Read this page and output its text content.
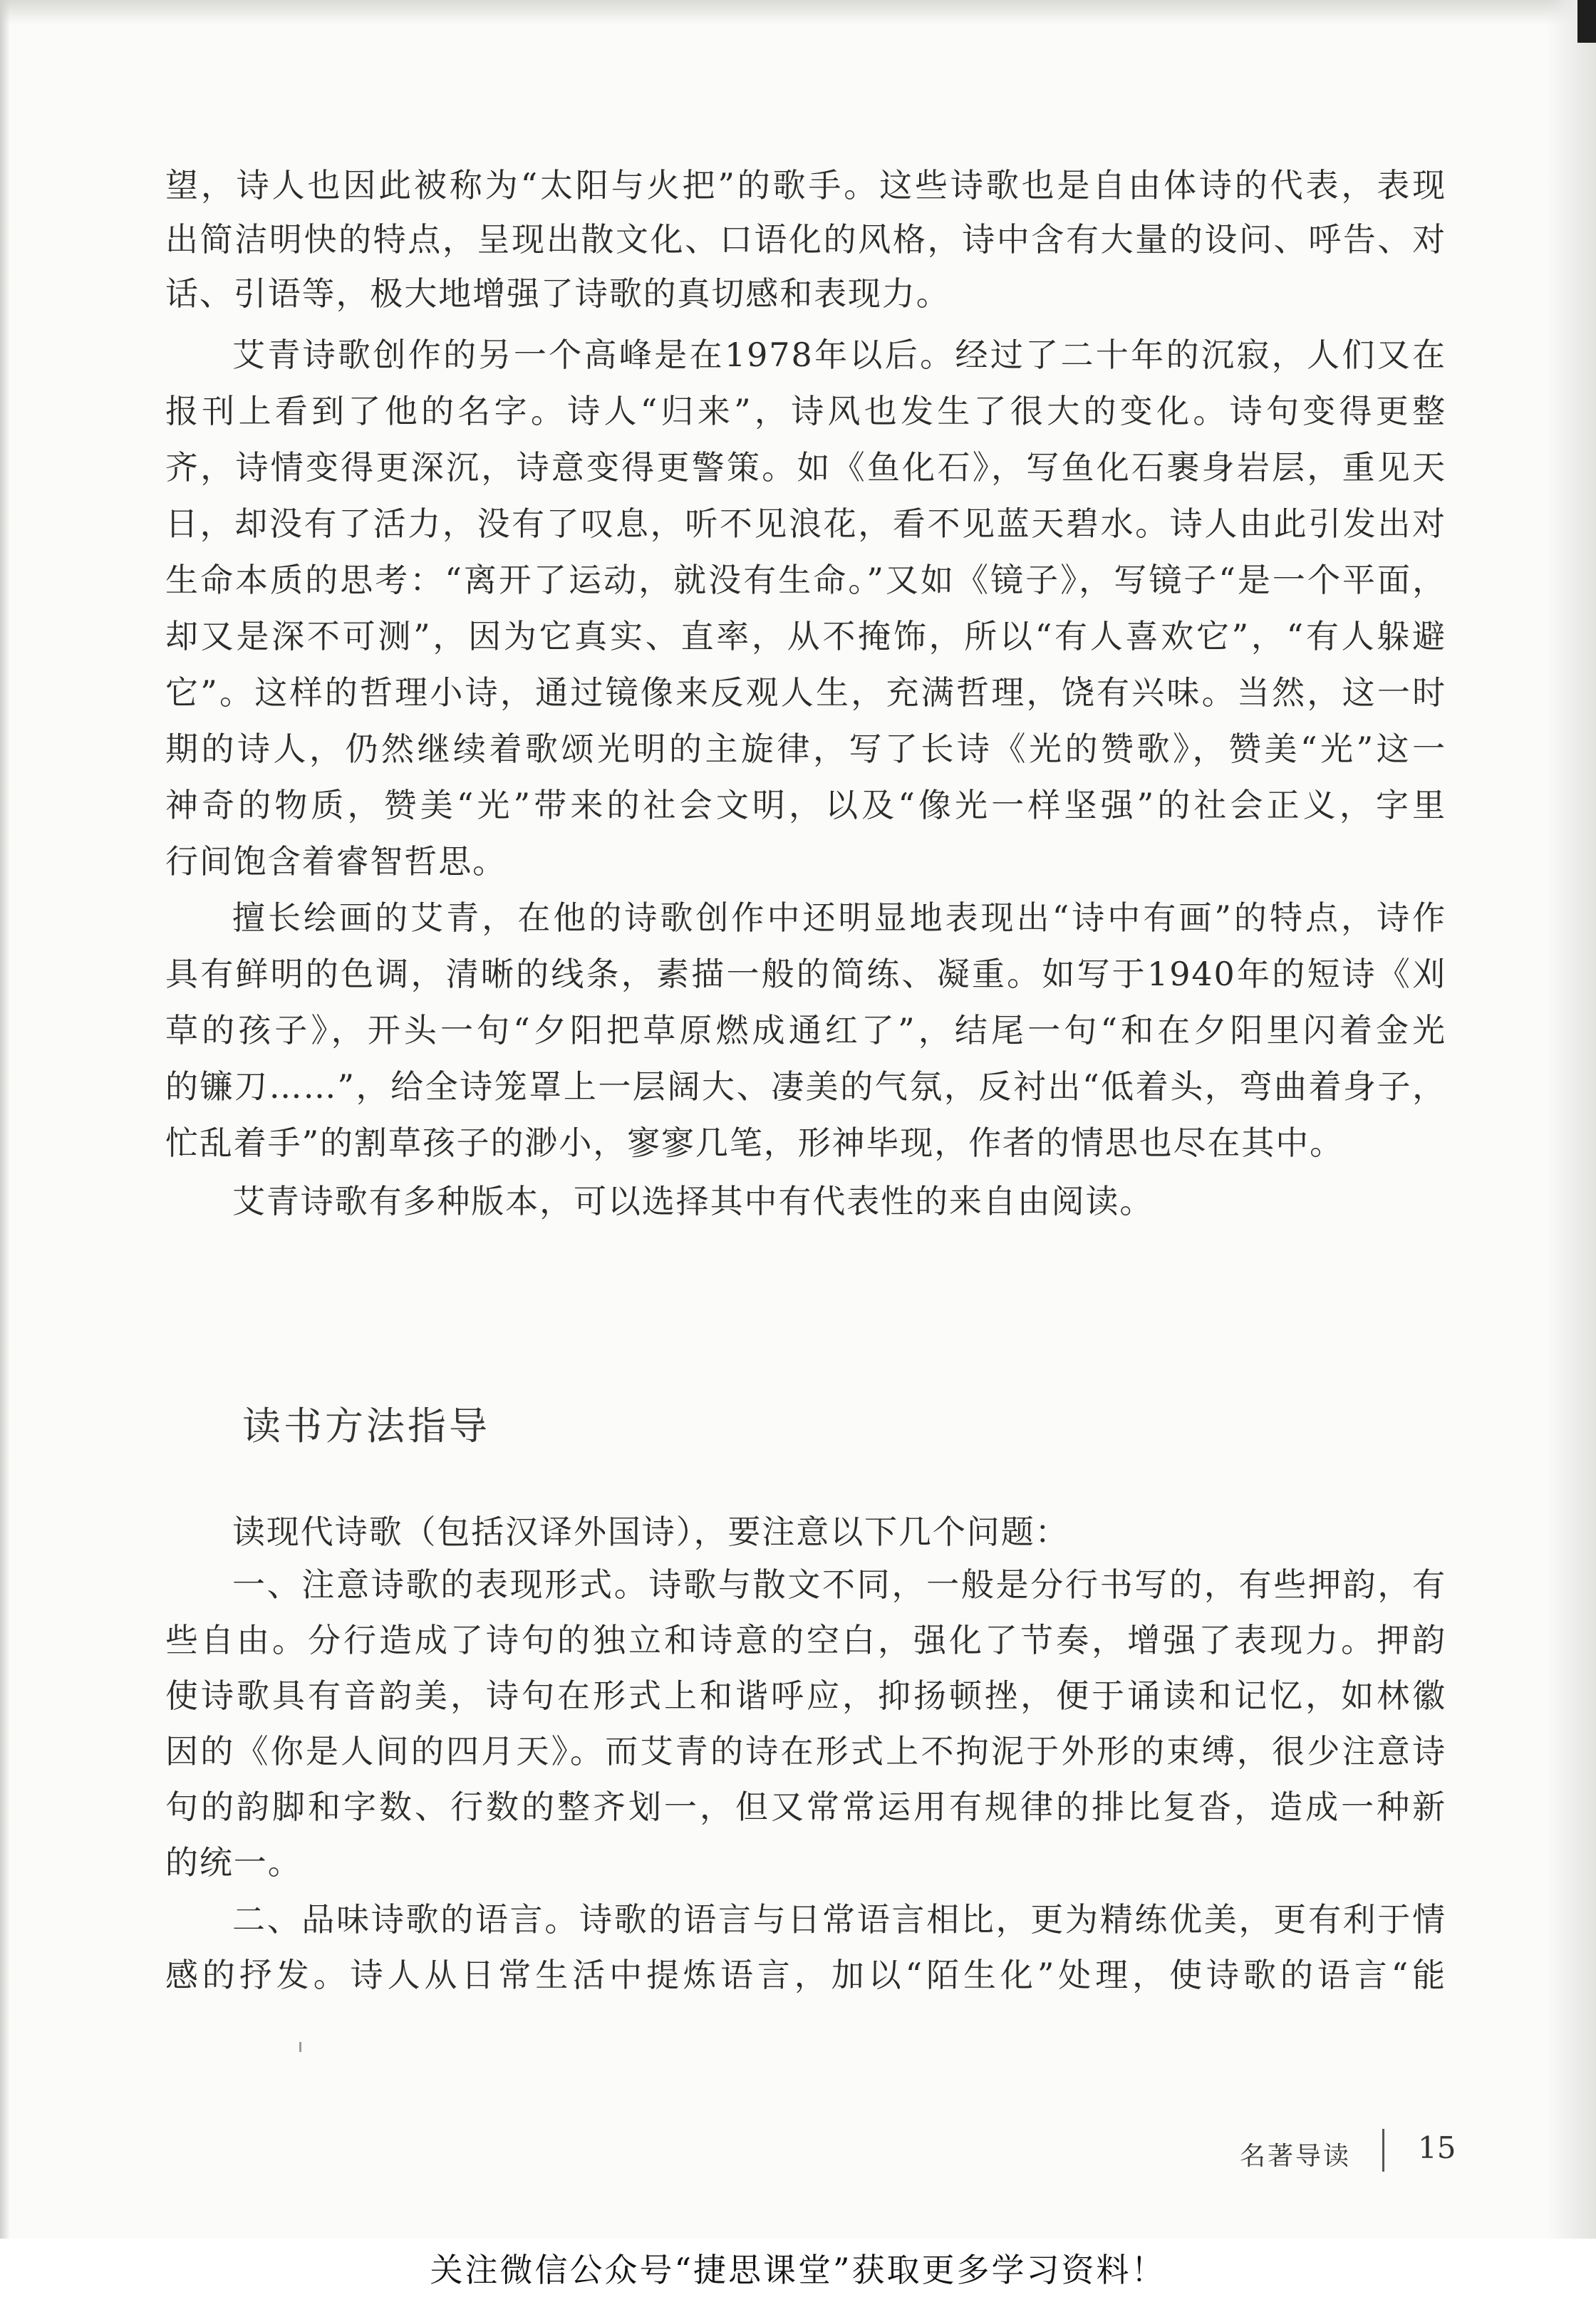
望，诗人也因此被称为“太阳与火把”的歌手。这些诗歌也是自由体诗的代表，表现
出简洁明快的特点，呈现出散文化、口语化的风格，诗中含有大量的设问、呼告、对
话、引语等，极大地增强了诗歌的真切感和表现力。
艾青诗歌创作的另一个高峰是在1978年以后。经过了二十年的沉寂，人们又在
报刊上看到了他的名字。诗人“归来”，诗风也发生了很大的变化。诗句变得更整
齐，诗情变得更深沉，诗意变得更警策。如《鱼化石》，写鱼化石裹身岩层，重见天
日，却没有了活力，没有了叹息，听不见浪花，看不见蓝天碧水。诗人由此引发出对
生命本质的思考：“离开了运动，就没有生命。”又如《镜子》，写镜子“是一个平面，
却又是深不可测”，因为它真实、直率，从不掩饰，所以“有人喜欢它”，“有人躲避
它”。这样的哲理小诗，通过镜像来反观人生，充满哲理，饶有兴味。当然，这一时
期的诗人，仍然继续着歌颂光明的主旋律，写了长诗《光的赞歌》，赞美“光”这一
神奇的物质，赞美“光”带来的社会文明，以及“像光一样坚强”的社会正义，字里
行间饱含着睿智哲思。
擅长绘画的艾青，在他的诗歌创作中还明显地表现出“诗中有画”的特点，诗作
具有鲜明的色调，清晰的线条，素描一般的简练、凝重。如写于1940年的短诗《刈
草的孩子》，开头一句“夕阳把草原燃成通红了”，结尾一句“和在夕阳里闪着金光
的镰刀……”，给全诗笼罩上一层阔大、凄美的气氛，反衬出“低着头，弯曲着身子，
忙乱着手”的割草孩子的渺小，寥寥几笔，形神毕现，作者的情思也尽在其中。
艾青诗歌有多种版本，可以选择其中有代表性的来自由阅读。
读书方法指导
读现代诗歌（包括汉译外国诗），要注意以下几个问题：
一、注意诗歌的表现形式。诗歌与散文不同，一般是分行书写的，有些押韵，有
些自由。分行造成了诗句的独立和诗意的空白，强化了节奏，增强了表现力。押韵
使诗歌具有音韵美，诗句在形式上和谐呼应，抑扬顿挫，便于诵读和记忆，如林徽
因的《你是人间的四月天》。而艾青的诗在形式上不拘泥于外形的束缚，很少注意诗
句的韵脚和字数、行数的整齐划一，但又常常运用有规律的排比复沓，造成一种新
的统一。
二、品味诗歌的语言。诗歌的语言与日常语言相比，更为精练优美，更有利于情
感的抒发。诗人从日常生活中提炼语言，加以“陌生化”处理，使诗歌的语言“能
名著导读 15
关注微信公众号“捷思课堂”获取更多学习资料！
